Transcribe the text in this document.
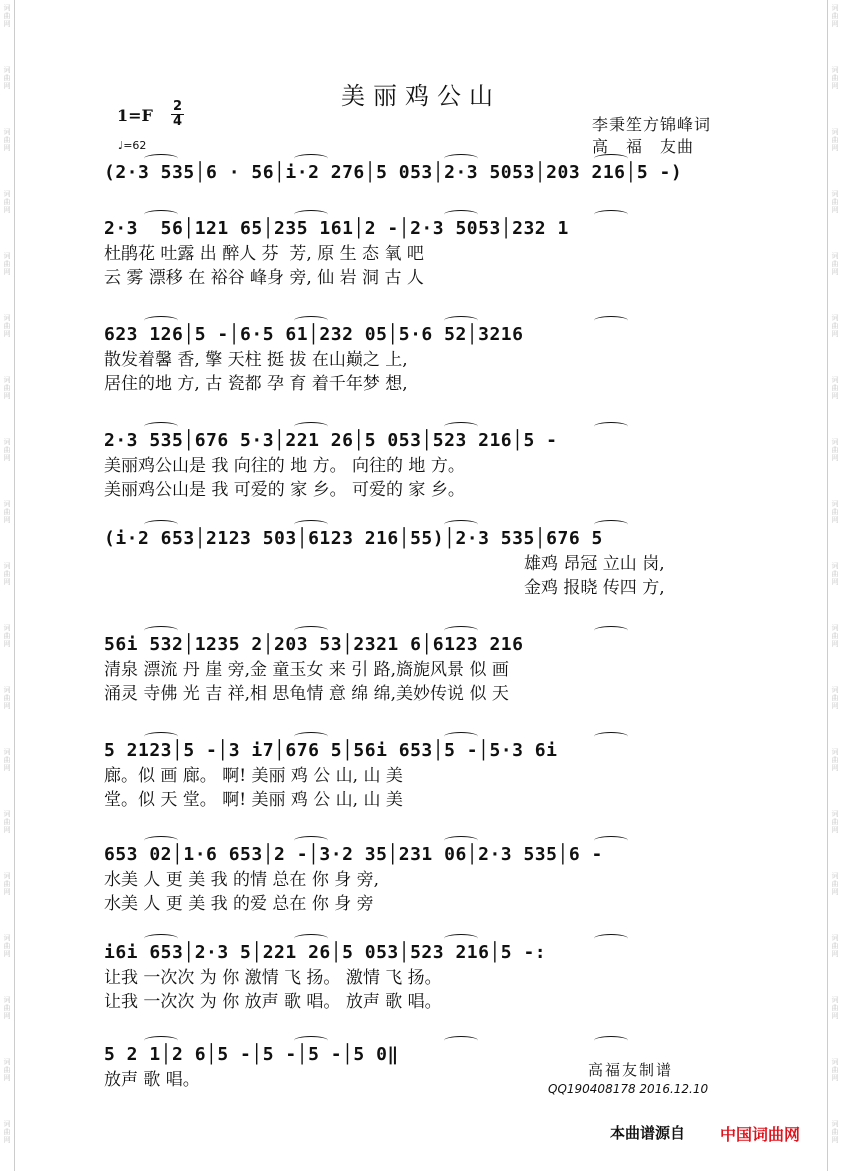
词
曲
网
词
曲
网
词
曲
网
词
曲
网
词
曲
网
词
曲
网
词
曲
网
词
曲
网
词
曲
网
词
曲
网
词
曲
网
词
曲
网
词
曲
网
词
曲
网
词
曲
网
词
曲
网
词
曲
网
词
曲
网
词
曲
网
词
曲
网
词
曲
网
词
曲
网
词
曲
网
词
曲
网
词
曲
网
词
曲
网
词
曲
网
词
曲
网
词
曲
网
词
曲
网
词
曲
网
词
曲
网
词
曲
网
词
曲
网
词
曲
网
词
曲
网
词
曲
网
词
曲
网
美丽鸡公山
1=F 2
4
♩=62
李秉笙方锦峰词
高　福　友曲
(2·3 535│6 · 56│i·2 276│5 053│2·3 5053│203 216│5 -)
2·3  56│121 65│235 161│2 -│2·3 5053│232 1
杜鹃花 吐露 出 醉人 芬  芳, 原 生 态 氧 吧
云 雾 漂移 在 裕谷 峰身 旁, 仙 岩 洞 古 人
623 126│5 -│6·5 61│232 05│5·6 52│3216
散发着馨 香, 擎 天柱 挺 拔 在山巅之 上,
居住的地 方, 古 瓷都 孕 育 着千年梦 想,
2·3 535│676 5·3│221 26│5 053│523 216│5 -
美丽鸡公山是 我 向往的 地 方。 向往的 地 方。
美丽鸡公山是 我 可爱的 家 乡。 可爱的 家 乡。
(i·2 653│2123 503│6123 216│55)│2·3 535│676 5
雄鸡 昂冠 立山 岗,
金鸡 报晓 传四 方,
56i 532│1235 2│203 53│2321 6│6123 216
清泉 漂流 丹 崖 旁,金 童玉女 来 引 路,旖旎风景 似 画
涌灵 寺佛 光 吉 祥,相 思龟情 意 绵 绵,美妙传说 似 天
5 2123│5 -│3 i7│676 5│56i 653│5 -│5·3 6i
廊。似 画 廊。 啊! 美丽 鸡 公 山, 山 美
堂。似 天 堂。 啊! 美丽 鸡 公 山, 山 美
653 02│1·6 653│2 -│3·2 35│231 06│2·3 535│6 -
水美 人 更 美 我 的情 总在 你 身 旁,
水美 人 更 美 我 的爱 总在 你 身 旁
i6i 653│2·3 5│221 26│5 053│523 216│5 -:
让我 一次次 为 你 激情 飞 扬。 激情 飞 扬。
让我 一次次 为 你 放声 歌 唱。 放声 歌 唱。
5 2 1│2 6│5 -│5 -│5 -│5 0‖
放声 歌 唱。	高福友制谱
QQ190408178 2016.12.10
本曲谱源自 中国词曲网
